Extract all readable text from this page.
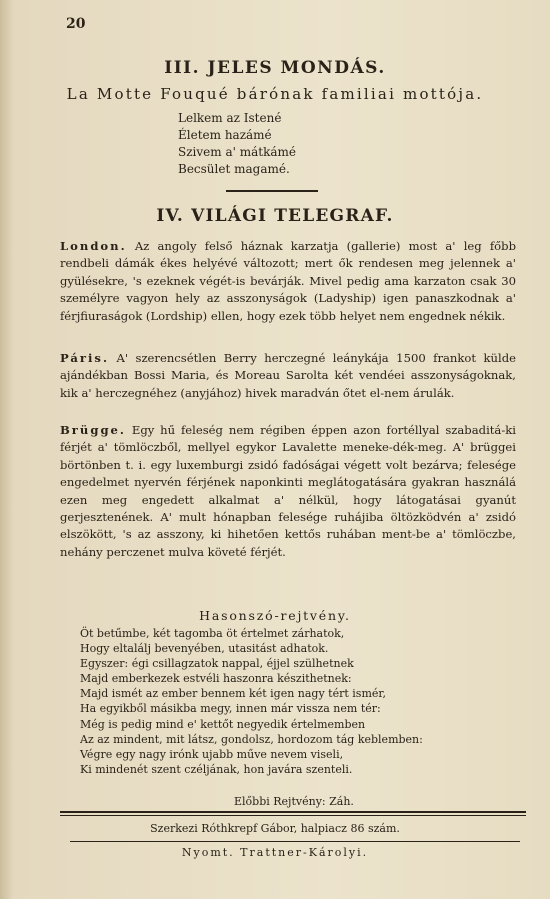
20
III. JELES MONDÁS.
La Motte Fouqué bárónak familiai mottója.
Lelkem az Istené
Életem hazámé
Szivem a' mátkámé
Becsület magamé.
IV. VILÁGI TELEGRAF.
London. Az angoly felső háznak karzatja (gallerie) most a' leg főbb rendbeli dámák ékes helyévé változott; mert ők rendesen meg jelennek a' gyülésekre, 's ezeknek végét-is bevárják. Mivel pedig ama karzaton csak 30 személyre vagyon hely az asszonyságok (Ladyship) igen panaszkodnak a' férjfiuraságok (Lordship) ellen, hogy ezek több helyet nem engednek nékik.
Páris. A' szerencsétlen Berry herczegné leánykája 1500 frankot külde ajándékban Bossi Maria, és Moreau Sarolta két vendéei asszonyságoknak, kik a' herczegnéhez (anyjához) hivek maradván őtet el-nem árulák.
Brügge. Egy hű feleség nem régiben éppen azon fortéllyal szabaditá-ki férjét a' tömlöczből, mellyel egykor Lavalette meneke-dék-meg. A' brüggei börtönben t. i. egy luxemburgi zsidó fadóságai végett volt bezárva; felesége engedelmet nyervén férjének naponkinti meglátogatására gyakran használá ezen meg engedett alkalmat a' nélkül, hogy látogatásai gyanút gerjesztenének. A' mult hónapban felesége ruhájiba öltözködvén a' zsidó elszökött, 's az asszony, ki hihetően kettős ruhában ment-be a' tömlöczbe, nehány perczenet mulva követé férjét.
Hasonszó-rejtvény.
Öt betűmbe, két tagomba öt értelmet zárhatok,
Hogy eltalálj bevenyében, utasitást adhatok.
Egyszer: égi csillagzatok nappal, éjjel szülhetnek
Majd emberkezek estvéli haszonra készithetnek:
Majd ismét az ember bennem két igen nagy tért ismér,
Ha egyikből másikba megy, innen már vissza nem tér:
Még is pedig mind e' kettőt negyedik értelmemben
Az az mindent, mit látsz, gondolsz, hordozom tág keblemben:
Végre egy nagy irónk ujabb műve nevem viseli,
Ki mindenét szent czéljának, hon javára szenteli.
Előbbi Rejtvény: Záh.
Szerkezi Róthkrepf Gábor, halpiacz 86 szám.
Nyomt. Trattner-Károlyi.
